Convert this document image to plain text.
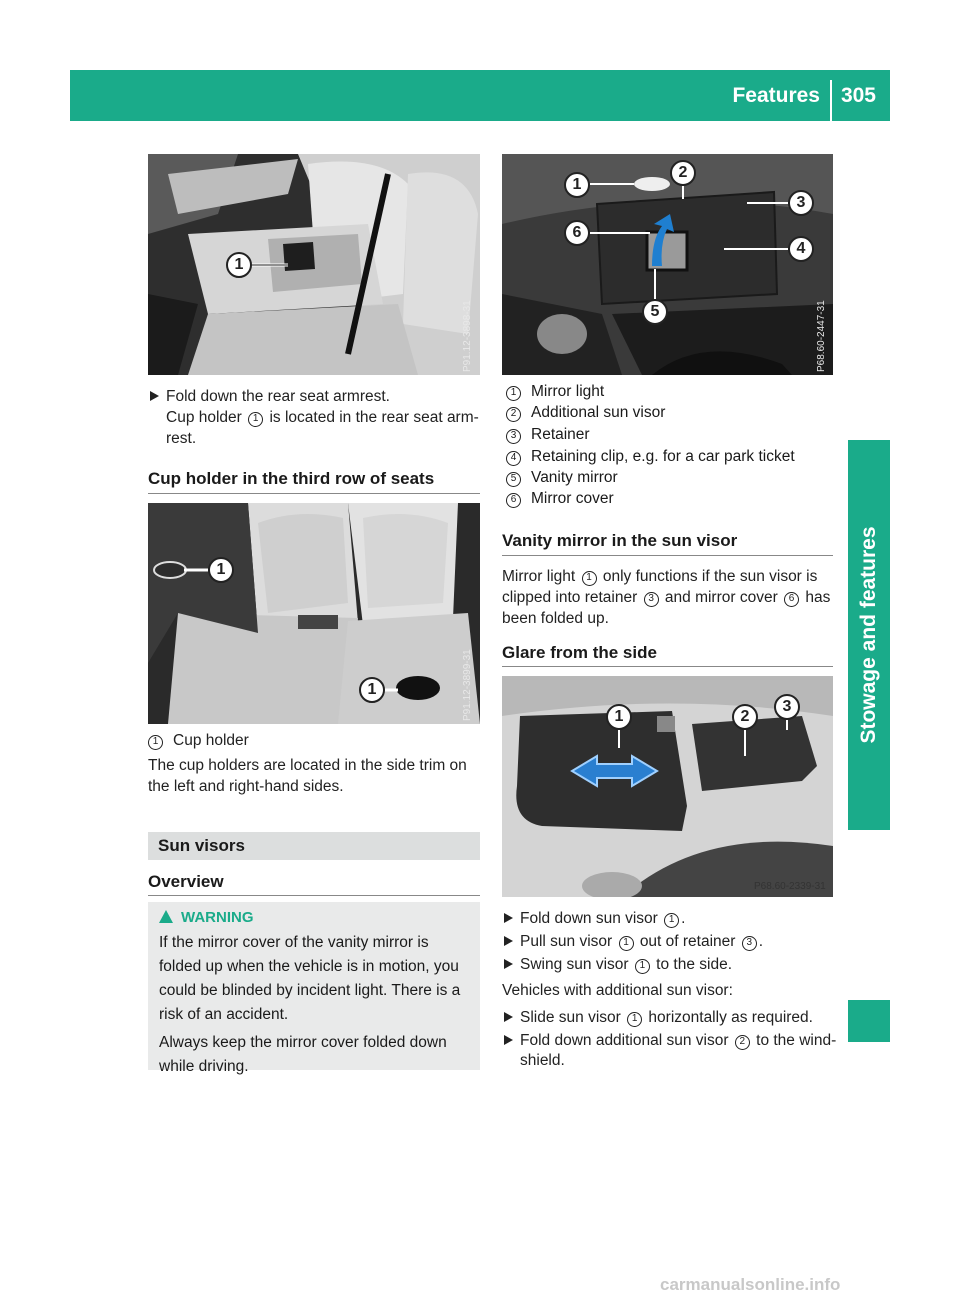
Features 305
Stowage and features
1
P91.12-3898-31
Fold down the rear seat armrest.
Cup holder 1 is located in the rear seat arm-
rest.
Cup holder in the third row of seats
1
1	P91.12-3899-31
1 Cup holder
The cup holders are located in the side trim on
the left and right-hand sides.
Sun visors
Overview
WARNING

If the mirror cover of the vanity mirror is folded up when the vehicle is in motion, you could be blinded by incident light. There is a risk of an accident.

Always keep the mirror cover folded down while driving.

1
2
3
4
5
6
P68.60-2447-31
1 Mirror light
2 Additional sun visor
3 Retainer
4 Retaining clip, e.g. for a car park ticket
5 Vanity mirror
6 Mirror cover
Vanity mirror in the sun visor
Mirror light 1 only functions if the sun visor is
clipped into retainer 3 and mirror cover 6 has
been folded up.
Glare from the side
1	2
3
P68.60-2339-31
Fold down sun visor 1 .
Pull sun visor 1 out of retainer 3 .
Swing sun visor 1 to the side.
Vehicles with additional sun visor:
Slide sun visor 1 horizontally as required.
Fold down additional sun visor 2 to the wind-
shield.
carmanualsonline.info
